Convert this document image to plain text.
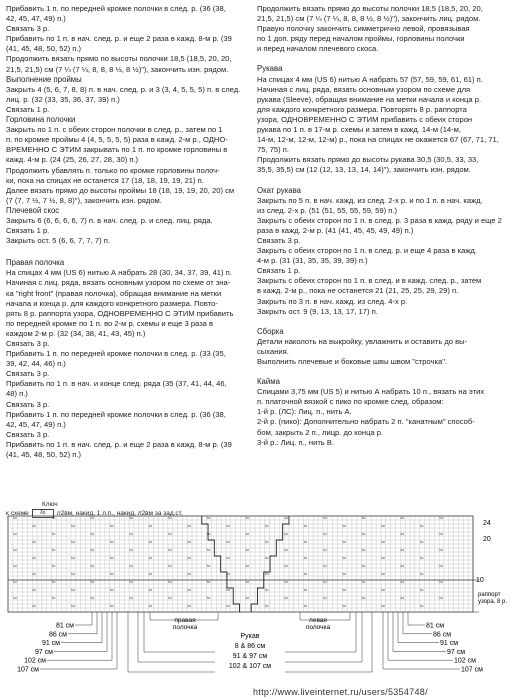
Прибавить 1 п. по передней кромке полочки в след. р. (36 (38,

42, 45, 47, 49) п.)

Связать 3 р.

Прибавить по 1 п. в нач. след. р. и еще 2 раза в кажд. 8-м р. (39

(41, 45, 48, 50, 52) п.)

Продолжить вязать прямо по высоты полочки 18,5 (18,5, 20, 20,

21,5, 21,5) см (7 ¼ (7 ¼, 8, 8, 8 ½, 8 ½)"), закончить изн. рядом.

Выполнение проймы

Закрыть 4 (5, 6, 7, 8, 8) п. в нач. след. р. и 3 (3, 4, 5, 5, 5) п. в след.

лиц. р. (32 (33, 35, 36, 37, 39) п.)

Связать 1 р.

Горловина полочки

Закрыть по 1 п. с обеих сторон полочки в след. р., затем по 1

п. по кромке проймы 4 (4, 5, 5, 5, 5) раза в кажд. 2-м р., ОДНО-

ВРЕМЕННО С ЭТИМ закрывать по 1 п. по кромке горловины в

кажд. 4-м р. (24 (25, 26, 27, 28, 30) п.)

Продолжить убавлять п. только по кромке горловины полоч-

ки, пока на спицах не останется 17 (18, 18, 19, 19, 21) п.

Далее вязать прямо до высоты проймы 18 (18, 19, 19, 20, 20) см

(7 (7, 7 ½, 7 ½, 8, 8)"), закончить изн. рядом.

Плечевой скос

Закрыть 6 (6, 6, 6, 6, 7) п. в нач. след. р. и след. лиц. ряда.

Связать 1 р.

Закрыть ост. 5 (6, 6, 7, 7, 7) п.

Правая полочка

На спицах 4 мм (US 6) нитью А набрать 28 (30, 34, 37, 39, 41) п.

Начиная с лиц. ряда, вязать основным узором по схеме от зна-

ка "right front" (правая полочка), обращая внимание на метки

начала и конца р. для каждого конкретного размера. Повто-

рять 8 р. раппорта узора, ОДНОВРЕМЕННО С ЭТИМ прибавить

по передней кромке по 1 п. во 2-м р. схемы и еще 3 раза в

каждом 2-м р. (32 (34, 38, 41, 43, 45) п.)

Связать 3 р.

Прибавить 1 п. по передней кромке полочки в след. р. (33 (35,

39, 42, 44, 46) п.)

Связать 3 р.

Прибавить по 1 п. в нач. и конце след. ряда (35 (37, 41, 44, 46,

48) п.)

Связать 3 р.

Прибавить 1 п. по передней кромке полочки в след. р. (36 (38,

42, 45, 47, 49) п.)

Связать 3 р.

Прибавить по 1 п. в нач. след. р. и еще 2 раза в кажд. 8-м р. (39

(41, 45, 48, 50, 52) п.)

Продолжить вязать прямо до высоты полочки 18,5 (18,5, 20, 20,

21,5, 21,5) см (7 ¼ (7 ¼, 8, 8, 8 ½, 8 ½)"), закончить лиц. рядом.

Правую полочку закончить симметрично левой, провязывая

по 1 доп. ряду перед началом проймы, горловины полочки

и перед началом плечевого скоса.

Рукава

На спицах 4 мм (US 6) нитью А набрать 57 (57, 59, 59, 61, 61) п.

Начиная с лиц. ряда, вязать основным узором по схеме для

рукава (Sleeve), обращая внимание на метки начала и конца р.

для каждого конкретного размера. Повторять 8 р. раппорта

узора, ОДНОВРЕМЕННО С ЭТИМ прибавить с обеих сторон

рукава по 1 п. в 17-м р. схемы и затем в кажд. 14-м (14-м,

14-м, 12-м, 12-м, 12-м) р., пока на спицах не окажется 67 (67, 71, 71,

75, 75) п.

Продолжить вязать прямо до высоты рукава 30,5 (30,5, 33, 33,

35,5, 35,5) см (12 (12, 13, 13, 14, 14)"), закончить изн. рядом.

Окат рукава

Закрыть по 5 п. в нач. кажд. из след. 2-х р. и по 1 п. в нач. кажд.

из след. 2-х р. (51 (51, 55, 55, 59, 59) п.)

Закрыть с обеих сторон по 1 п. в след. р. 3 раза в кажд. ряду и еще 2

раза в кажд. 2-м р. (41 (41, 45, 45, 49, 49) п.)

Связать 3 р.

Закрыть с обеих сторон по 1 п. в след. р. и еще 4 раза в кажд.

4-м р. (31 (31, 35, 35, 39, 39) п.)

Связать 1 р.

Закрыть с обеих сторон по 1 п. в след. и в кажд. след. р., затем

в кажд. 2-м р., пока не останется 21 (21, 25, 25, 29, 29) п.

Закрыть по 3 п. в нач. кажд. из след. 4-х р.

Закрыть ост. 9 (9, 13, 13, 17, 17) п.

Сборка

Детали наколоть на выкройку, увлажнить и оставить до вы-

сыхания.

Выполнить плечевые и боковые швы швом "строчка".

Кайма

Спицами 3,75 мм (US 5) и нитью А набрать 10 п., вязать на этих

п. платочной вязкой с пико по кромке след. образом:

1-й р. (ЛС): Лиц. п., нить А.

2-й р. (пико): Дополнительно набрать 2 п. "канатным" способ-

бом, закрыть 2 п., лицр. до конца р.

3-й р.: Лиц. п., нить В.

Ключ
к схеме	λ̄о	л2вм, накид, 1 л.п., накид, л2вм за зад.ст.
λо	λо	λо	λо	λо	λо	λо	λо	λо	λо	λо	λо
λо	λо	λо	λо	λо	λо	λо	λо	λо	λо	λо
λо	λо	λо	λо	λо	λо	λо	λо	λо	λо	λо	λо
λо	λо	λо	λо	λо	λо	λо	λо	λо	λо	λо
λо	λо	λо	λо	λо	λо	λо	λо	λо	λо	λо	λо
λо	λо	λо	λо	λо	λо	λо	λо	λо	λо	λо
λо	λо	λо	λо	λо	λо	λо	λо	λо	λо	λо	λо
λо	λо	λо	λо	λо	λо	λо	λо	λо	λо	λо
λо	λо	λо	λо	λо	λо	λо	λо	λо	λо	λо	λо
λо	λо	λо	λо	λо	λо	λо	λо	λо	λо	λо
λо	λо	λо	λо	λо	λо	λо	λо	λо	λо	λо	λо
λо	λо	λо	λо	λо	λо	λо	λо	λо	λо	λо
24
20
10
раппорт узора, 8 р.
правая полочка
левая полочка
Рукав
8 & 86 см
91 & 97 см
102 & 107 см
81 см
86 см
91 см
97 см
102 см
107 см
81 см
86 см
91 см
97 см
102 см
107 см
http://www.liveinternet.ru/users/5354748/
